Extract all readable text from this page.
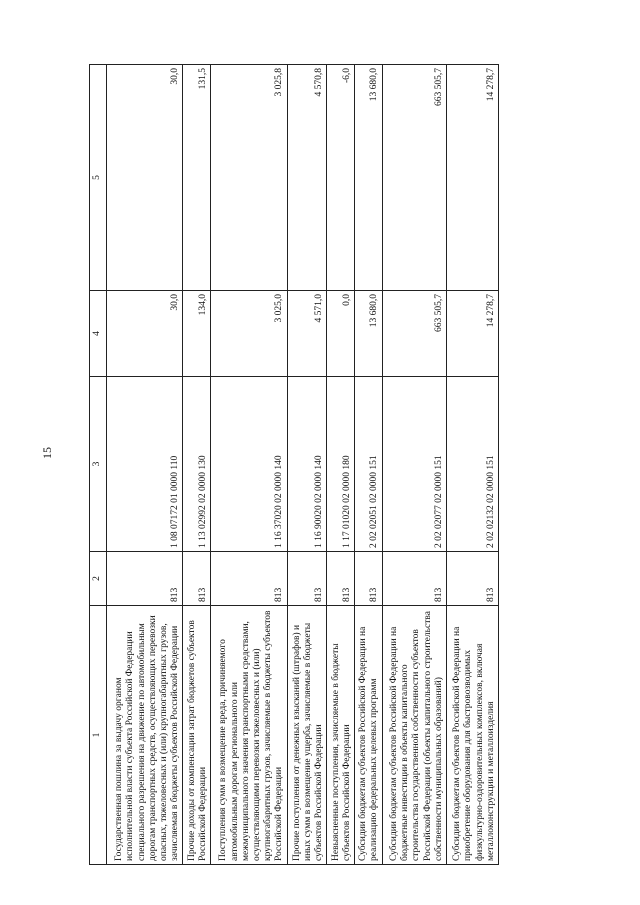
15
1	2	3	4	5
Государственная пошлина за выдачу органом исполнительной власти субъекта Российской Федерации специального разрешения на движение по автомобильным дорогам транспортных средств, осуществляющих перевозки опасных, тяжеловесных и (или) крупногабаритных грузов, зачисляемая в бюджеты субъектов Российской Федерации	813	1 08 07172 01 0000 110	30,0	30,0
Прочие доходы от компенсации затрат бюджетов субъектов Российской Федерации	813	1 13 02992 02 0000 130	134,0	131,5
Поступления сумм в возмещение вреда, причиняемого автомобильным дорогам регионального или межмуниципального значения транспортными средствами, осуществляющими перевозки тяжеловесных и (или) крупногабаритных грузов, зачисляемые в бюджеты субъектов Российской Федерации	813	1 16 37020 02 0000 140	3 025,0	3 025,8
Прочие поступления от денежных взысканий (штрафов) и иных сумм в возмещение ущерба, зачисляемые в бюджеты субъектов Российской Федерации	813	1 16 90020 02 0000 140	4 571,0	4 570,8
Невыясненные поступления, зачисляемые в бюджеты субъектов Российской Федерации	813	1 17 01020 02 0000 180	0,0	-6,0
Субсидии бюджетам субъектов Российской Федерации на реализацию федеральных целевых программ	813	2 02 02051 02 0000 151	13 680,0	13 680,0
Субсидии бюджетам субъектов Российской Федерации на бюджетные инвестиции в объекты капитального строительства государственной собственности субъектов Российской Федерации (объекты капитального строительства собственности муниципальных образований)	813	2 02 02077 02 0000 151	663 505,7	663 505,7
Субсидии бюджетам субъектов Российской Федерации на приобретение оборудования для быстровозводимых физкультурно-оздоровительных комплексов, включая металлоконструкции и металлоизделия	813	2 02 02132 02 0000 151	14 278,7	14 278,7
